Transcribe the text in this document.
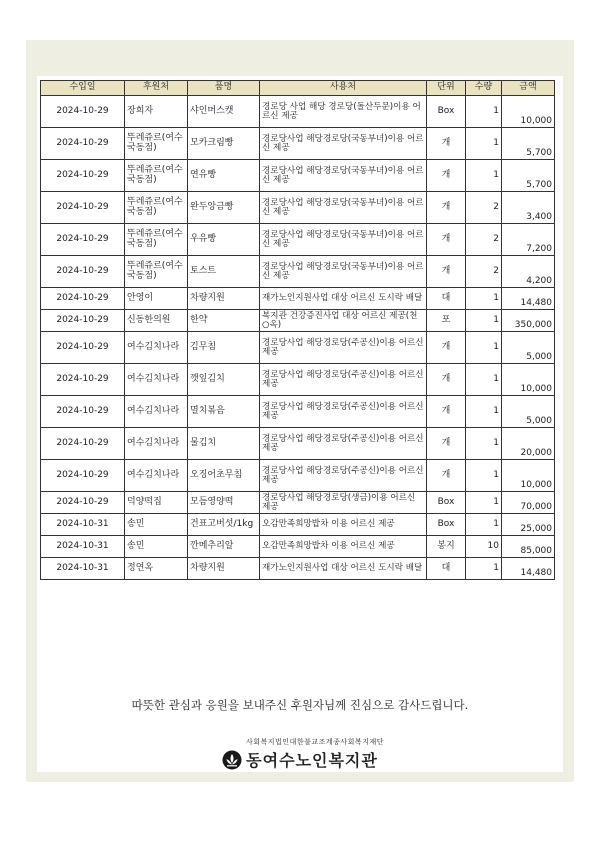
수입일	후원처	품명	사용처	단위	수량	금액
2024-10-29	장희자	샤인머스캣	경로당 사업 해당 경로당(돌산두문)이용 어르신 제공	Box	1	10,000
2024-10-29	뚜레쥬르(여수국동점)	모카크림빵	경로당사업 해당경로당(국동부녀)이용 어르신 제공	개	1	5,700
2024-10-29	뚜레쥬르(여수국동점)	연유빵	경로당사업 해당경로당(국동부녀)이용 어르신 제공	개	1	5,700
2024-10-29	뚜레쥬르(여수국동점)	완두앙금빵	경로당사업 해당경로당(국동부녀)이용 어르신 제공	개	2	3,400
2024-10-29	뚜레쥬르(여수국동점)	우유빵	경로당사업 해당경로당(국동부녀)이용 어르신 제공	개	2	7,200
2024-10-29	뚜레쥬르(여수국동점)	토스트	경로당사업 해당경로당(국동부녀)이용 어르신 제공	개	2	4,200
2024-10-29	안영이	차량지원	재가노인지원사업 대상 어르신 도시락 배달	대	1	14,480
2024-10-29	신동한의원	한약	복지관 건강증진사업 대상 어르신 제공(천○옥)	포	1	350,000
2024-10-29	여수김치나라	김무침	경로당사업 해당경로당(주공신)이용 어르신 제공	개	1	5,000
2024-10-29	여수김치나라	깻잎김치	경로당사업 해당경로당(주공신)이용 어르신 제공	개	1	10,000
2024-10-29	여수김치나라	멸치볶음	경로당사업 해당경로당(주공신)이용 어르신 제공	개	1	5,000
2024-10-29	여수김치나라	물김치	경로당사업 해당경로당(주공신)이용 어르신 제공	개	1	20,000
2024-10-29	여수김치나라	오징어초무침	경로당사업 해당경로당(주공신)이용 어르신 제공	개	1	10,000
2024-10-29	덕양떡집	모듬영양떡	경로당사업 해당경로당(생금)이용 어르신 제공	Box	1	70,000
2024-10-31	송민	건표고버섯/1kg	오감만족희망밥차 이용 어르신 제공	Box	1	25,000
2024-10-31	송민	깐메추리알	오감만족희망밥차 이용 어르신 제공	봉지	10	85,000
2024-10-31	정연옥	차량지원	재가노인지원사업 대상 어르신 도시락 배달	대	1	14,480
따뜻한 관심과 응원을 보내주신 후원자님께 진심으로 감사드립니다.
사회복지법인대한불교조계종사회복지재단
동여수노인복지관
